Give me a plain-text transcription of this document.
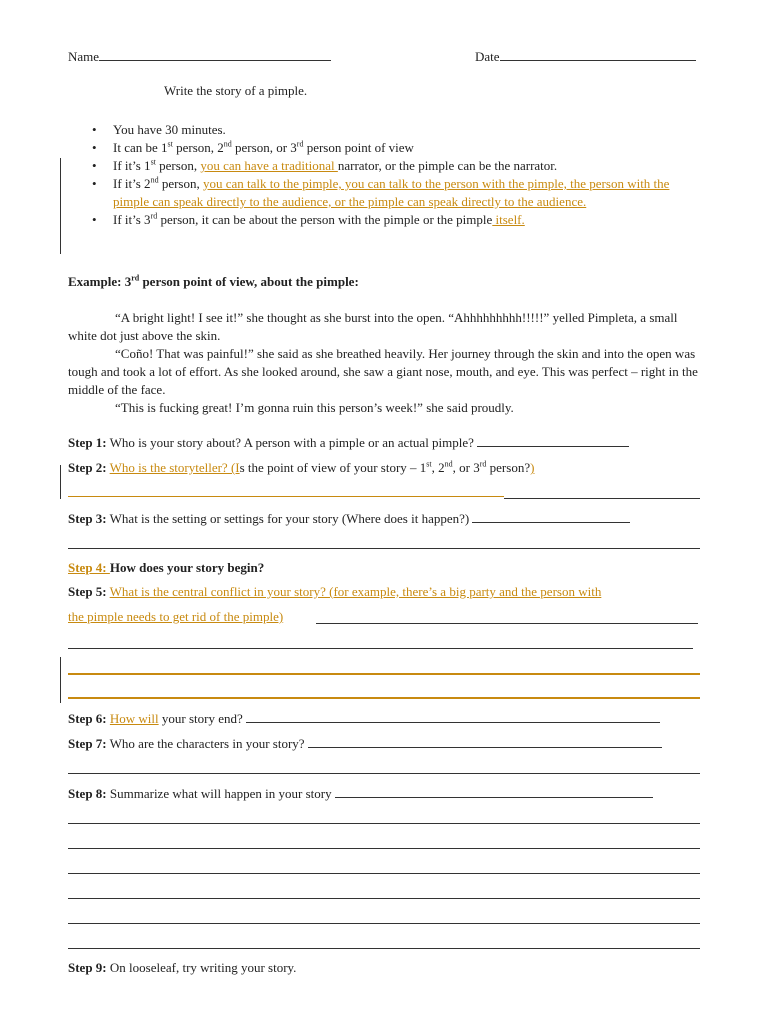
Name	Date
Write the story of a pimple.
• You have 30 minutes.
• It can be 1st person, 2nd person, or 3rd person point of view
• If it’s 1st person, you can have a traditional narrator, or the pimple can be the narrator.
• If it’s 2nd person, you can talk to the pimple, you can talk to the person with the pimple, the person with the pimple can speak directly to the audience, or the pimple can speak directly to the audience.
• If it’s 3rd person, it can be about the person with the pimple or the pimple itself.
Example: 3rd person point of view, about the pimple:

“A bright light! I see it!” she thought as she burst into the open. “Ahhhhhhhhh!!!!!” yelled Pimpleta, a small white dot just above the skin.

“Coño! That was painful!” she said as she breathed heavily. Her journey through the skin and into the open was tough and took a lot of effort. As she looked around, she saw a giant nose, mouth, and eye. This was perfect – right in the middle of the face.

“This is fucking great! I’m gonna ruin this person’s week!” she said proudly.

Step 1: Who is your story about? A person with a pimple or an actual pimple?
Step 2: Who is the storyteller? (Is the point of view of your story – 1st, 2nd, or 3rd person?)
Step 3: What is the setting or settings for your story (Where does it happen?)
Step 4: How does your story begin?
Step 5: What is the central conflict in your story? (for example, there’s a big party and the person with
the pimple needs to get rid of the pimple)
Step 6: How will your story end?
Step 7: Who are the characters in your story?
Step 8: Summarize what will happen in your story
Step 9: On looseleaf, try writing your story.
